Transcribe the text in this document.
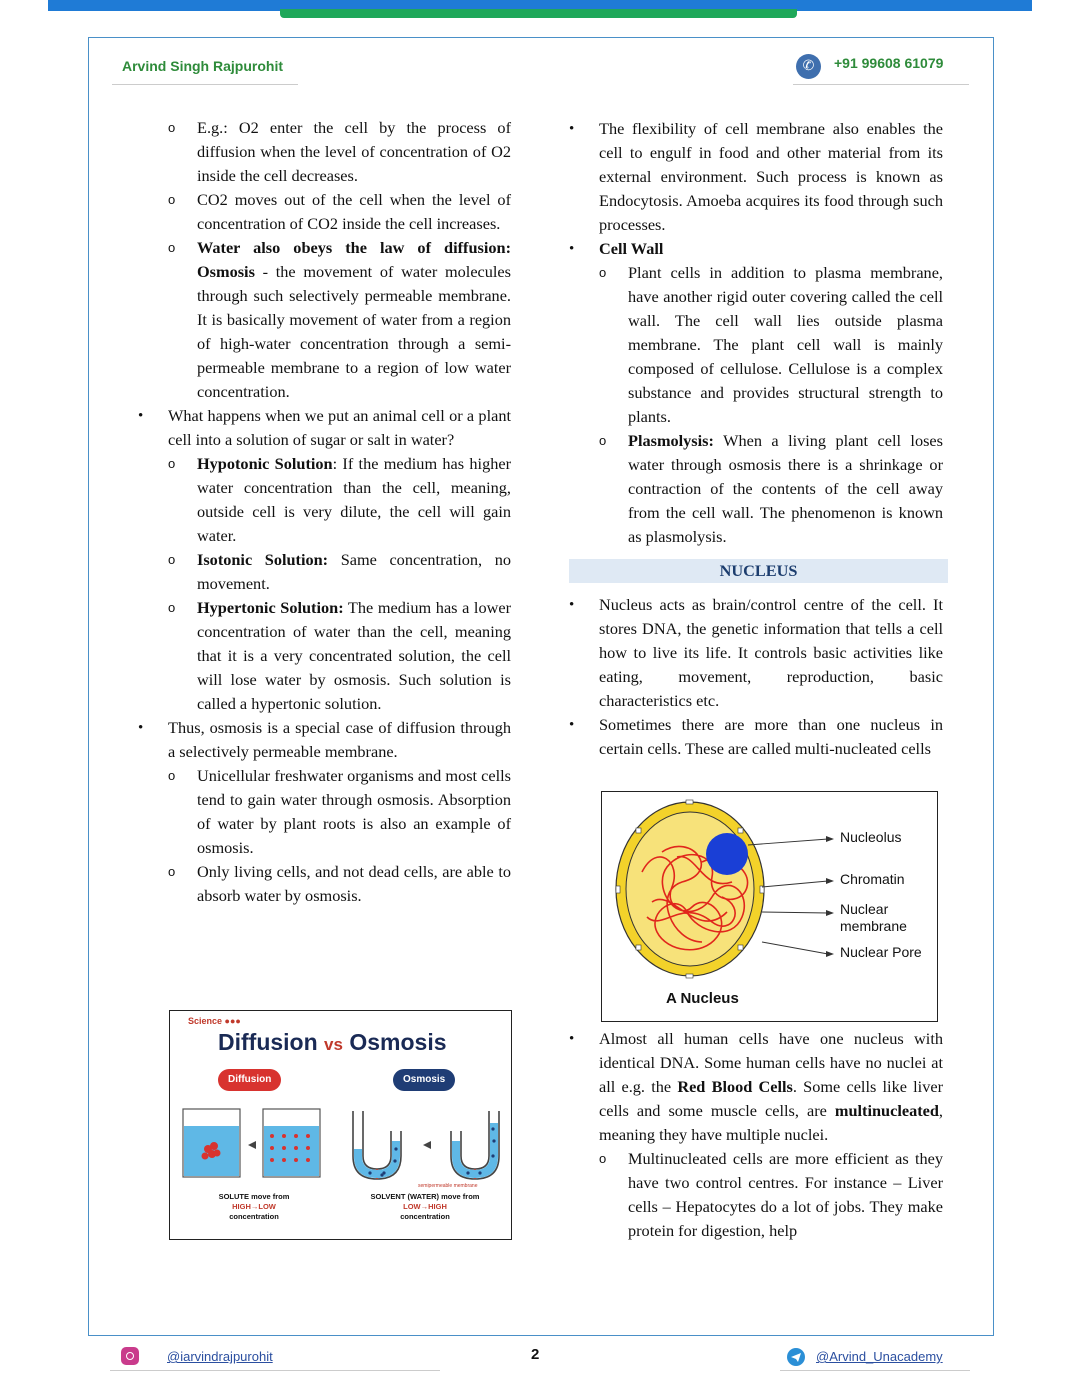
Arvind Singh Rajpurohit	✆	+91 99608 61079

o E.g.: O2 enter the cell by the process of diffusion when the level of concentration of O2 inside the cell decreases.

o CO2 moves out of the cell when the level of concentration of CO2 inside the cell increases.

o Water also obeys the law of diffusion: Osmosis - the movement of water molecules through such selectively permeable membrane. It is basically movement of water from a region of high-water concentration through a semi-permeable membrane to a region of low water concentration.

• What happens when we put an animal cell or a plant cell into a solution of sugar or salt in water?

o Hypotonic Solution: If the medium has higher water concentration than the cell, meaning, outside cell is very dilute, the cell will gain water.

o Isotonic Solution: Same concentration, no movement.

o Hypertonic Solution: The medium has a lower concentration of water than the cell, meaning that it is a very concentrated solution, the cell will lose water by osmosis. Such solution is called a hypertonic solution.

• Thus, osmosis is a special case of diffusion through a selectively permeable membrane.

o Unicellular freshwater organisms and most cells tend to gain water through osmosis. Absorption of water by plant roots is also an example of osmosis.

o Only living cells, and not dead cells, are able to absorb water by osmosis.

• The flexibility of cell membrane also enables the cell to engulf in food and other material from its external environment. Such process is known as Endocytosis. Amoeba acquires its food through such processes.

• Cell Wall

o Plant cells in addition to plasma membrane, have another rigid outer covering called the cell wall. The cell wall lies outside plasma membrane. The plant cell wall is mainly composed of cellulose. Cellulose is a complex substance and provides structural strength to plants.

o Plasmolysis: When a living plant cell loses water through osmosis there is a shrinkage or contraction of the contents of the cell away from the cell wall. The phenomenon is known as plasmolysis.

NUCLEUS

• Nucleus acts as brain/control centre of the cell. It stores DNA, the genetic information that tells a cell how to live its life. It controls basic activities like eating, movement, reproduction, basic characteristics etc.

• Sometimes there are more than one nucleus in certain cells. These are called multi-nucleated cells

• Almost all human cells have one nucleus with identical DNA. Some human cells have no nuclei at all e.g. the Red Blood Cells. Some cells like liver cells and some muscle cells, are multinucleated, meaning they have multiple nuclei.

o Multinucleated cells are more efficient as they have two control centres. For instance – Liver cells – Hepatocytes do a lot of jobs. They make protein for digestion, help

Nucleolus
Chromatin
Nuclear
membrane
Nuclear Pore
A Nucleus
Science ●●●
Diffusion vs Osmosis
Diffusion	Osmosis
semipermeable membrane
SOLUTE move from
HIGH→LOW
concentration
SOLVENT (WATER) move from
LOW→HIGH
concentration
@iarvindrajpurohit	2	@Arvind_Unacademy
